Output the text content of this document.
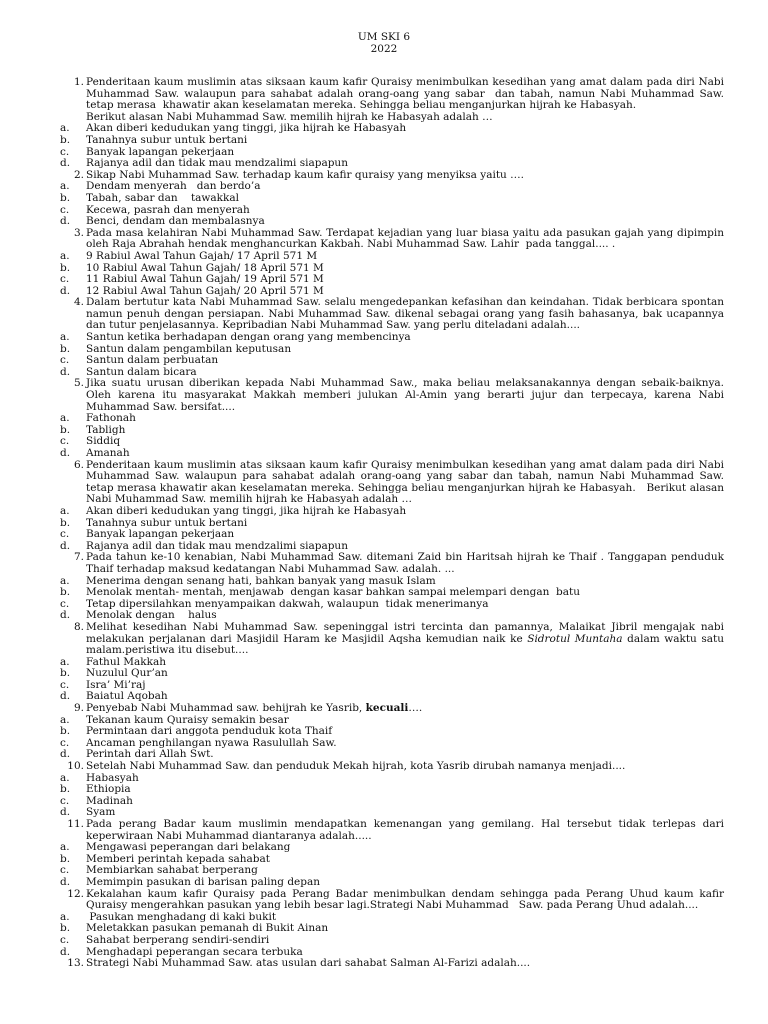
UM SKI 6
2022
1. Penderitaan kaum muslimin atas siksaan kaum kafir Quraisy menimbulkan kesedihan yang amat dalam pada diri Nabi Muhammad Saw. walaupun para sahabat adalah orang-oang yang sabar  dan tabah, namun Nabi Muhammad Saw. tetap merasa  khawatir akan keselamatan mereka. Sehingga beliau menganjurkan hijrah ke Habasyah.
Berikut alasan Nabi Muhammad Saw. memilih hijrah ke Habasyah adalah …
a.	Akan diberi kedudukan yang tinggi, jika hijrah ke Habasyah
b.	Tanahnya subur untuk bertani
c.	Banyak lapangan pekerjaan
d.	Rajanya adil dan tidak mau mendzalimi siapapun
2. Sikap Nabi Muhammad Saw. terhadap kaum kafir quraisy yang menyiksa yaitu ….
a.	Dendam menyerah   dan berdo’a
b.	Tabah, sabar dan    tawakkal
c.	Kecewa, pasrah dan menyerah
d.	Benci, dendam dan membalasnya
3. Pada masa kelahiran Nabi Muhammad Saw. Terdapat kejadian yang luar biasa yaitu ada pasukan gajah yang dipimpin oleh Raja Abrahah hendak menghancurkan Kakbah. Nabi Muhammad Saw. Lahir  pada tanggal.... .
a.	9 Rabiul Awal Tahun Gajah/ 17 April 571 M
b.	10 Rabiul Awal Tahun Gajah/ 18 April 571 M
c.	11 Rabiul Awal Tahun Gajah/ 19 April 571 M
d.	12 Rabiul Awal Tahun Gajah/ 20 April 571 M
4. Dalam bertutur kata Nabi Muhammad Saw. selalu mengedepankan kefasihan dan keindahan. Tidak berbicara spontan namun penuh dengan persiapan. Nabi Muhammad Saw. dikenal sebagai orang yang fasih bahasanya, bak ucapannya dan tutur penjelasannya. Kepribadian Nabi Muhammad Saw. yang perlu diteladani adalah....
a.	Santun ketika berhadapan dengan orang yang membencinya
b.	Santun dalam pengambilan keputusan
c.	Santun dalam perbuatan
d.	Santun dalam bicara
5. Jika suatu urusan diberikan kepada Nabi Muhammad Saw., maka beliau melaksanakannya dengan sebaik-baiknya. Oleh karena itu masyarakat Makkah memberi julukan Al-Amin yang berarti jujur dan terpecaya, karena Nabi Muhammad Saw. bersifat....
a.	Fathonah
b.	Tabligh
c.	Siddiq
d.	Amanah
6. Penderitaan kaum muslimin atas siksaan kaum kafir Quraisy menimbulkan kesedihan yang amat dalam pada diri Nabi Muhammad Saw. walaupun para sahabat adalah orang-oang yang sabar dan tabah, namun Nabi Muhammad Saw. tetap merasa khawatir akan keselamatan mereka. Sehingga beliau menganjurkan hijrah ke Habasyah.   Berikut alasan Nabi Muhammad Saw. memilih hijrah ke Habasyah adalah …
a.	Akan diberi kedudukan yang tinggi, jika hijrah ke Habasyah
b.	Tanahnya subur untuk bertani
c.	Banyak lapangan pekerjaan
d.	Rajanya adil dan tidak mau mendzalimi siapapun
7. Pada tahun ke-10 kenabian, Nabi Muhammad Saw. ditemani Zaid bin Haritsah hijrah ke Thaif . Tanggapan penduduk Thaif terhadap maksud kedatangan Nabi Muhammad Saw. adalah. ...
a.	Menerima dengan senang hati, bahkan banyak yang masuk Islam
b.	Menolak mentah- mentah, menjawab  dengan kasar bahkan sampai melempari dengan  batu
c.	Tetap dipersilahkan menyampaikan dakwah, walaupun  tidak menerimanya
d.	Menolak dengan    halus
8. Melihat kesedihan Nabi Muhammad Saw. sepeninggal istri tercinta dan pamannya, Malaikat Jibril mengajak nabi melakukan perjalanan dari Masjidil Haram ke Masjidil Aqsha kemudian naik ke Sidrotul Muntaha dalam waktu satu malam.peristiwa itu disebut....
a.	Fathul Makkah
b.	Nuzulul Qur’an
c.	Isra’ Mi’raj
d.	Baiatul Aqobah
9. Penyebab Nabi Muhammad saw. behijrah ke Yasrib, kecuali….
a.	Tekanan kaum Quraisy semakin besar
b.	Permintaan dari anggota penduduk kota Thaif
c.	Ancaman penghilangan nyawa Rasulullah Saw.
d.	Perintah dari Allah Swt.
10. Setelah Nabi Muhammad Saw. dan penduduk Mekah hijrah, kota Yasrib dirubah namanya menjadi....
a.	Habasyah
b.	Ethiopia
c.	Madinah
d.	Syam
11. Pada perang Badar kaum muslimin mendapatkan kemenangan yang gemilang. Hal tersebut tidak terlepas dari keperwiraan Nabi Muhammad diantaranya adalah.....
a.	Mengawasi peperangan dari belakang
b.	Memberi perintah kepada sahabat
c.	Membiarkan sahabat berperang
d.	Memimpin pasukan di barisan paling depan
12. Kekalahan kaum kafir Quraisy pada Perang Badar menimbulkan dendam sehingga pada Perang Uhud kaum kafir Quraisy mengerahkan pasukan yang lebih besar lagi.Strategi Nabi Muhammad   Saw. pada Perang Uhud adalah....
a.	Pasukan menghadang di kaki bukit
b.	Meletakkan pasukan pemanah di Bukit Ainan
c.	Sahabat berperang sendiri-sendiri
d.	Menghadapi peperangan secara terbuka
13. Strategi Nabi Muhammad Saw. atas usulan dari sahabat Salman Al-Farizi adalah....
